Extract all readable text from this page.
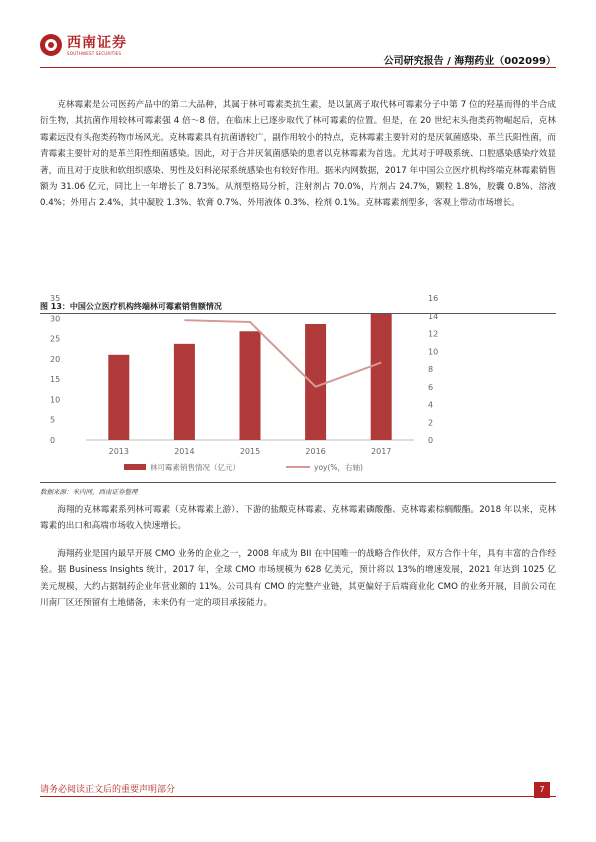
西南证券
SOUTHWEST SECURITIES
公司研究报告 / 海翔药业（002099）

克林霉素是公司医药产品中的第二大品种，其属于林可霉素类抗生素，是以氯离子取代林可霉素分子中第 7 位的羟基而得的半合成衍生物，其抗菌作用较林可霉素强 4 倍～8 倍，在临床上已逐步取代了林可霉素的位置。但是，在 20 世纪末头孢类药物崛起后，克林霉素远没有头孢类药物市场风光。克林霉素具有抗菌谱较广，副作用较小的特点，克林霉素主要针对的是厌氧菌感染、革兰氏阳性菌，而青霉素主要针对的是革兰阳性细菌感染。因此，对于合并厌氧菌感染的患者以克林霉素为首选。尤其对于呼吸系统、口腔感染感染疗效显著，而且对于皮肤和软组织感染、男性及妇科泌尿系统感染也有较好作用。据米内网数据，2017 年中国公立医疗机构终端克林霉素销售额为 31.06 亿元，同比上一年增长了 8.73%。从剂型格局分析，注射剂占 70.0%，片剂占 24.7%，颗粒 1.8%，胶囊 0.8%、溶液 0.4%；外用占 2.4%，其中凝胶 1.3%、软膏 0.7%、外用液体 0.3%、栓剂 0.1%。克林霉素剂型多，客观上带动市场增长。

图 13：中国公立医疗机构终端林可霉素销售额情况
0
5
10
15
20
25
30
35
0
2
4
6
8
10
12
14
16
2013	2014	2015	2016	2017
林可霉素销售情况（亿元）	yoy(%，右轴)
数据来源：米内网，西南证券整理

海翔的克林霉素系列林可霉素（克林霉素上游）、下游的盐酸克林霉素、克林霉素磷酸酯、克林霉素棕榈酸酯。2018 年以来，克林霉素的出口和高端市场收入快速增长。

海翔药业是国内最早开展 CMO 业务的企业之一，2008 年成为 BII 在中国唯一的战略合作伙伴，双方合作十年，具有丰富的合作经验。据 Business Insights 统计，2017 年，全球 CMO 市场规模为 628 亿美元，预计将以 13%的增速发展，2021 年达到 1025 亿美元规模，大约占据制药企业年营业额的 11%。公司具有 CMO 的完整产业链，其更偏好于后端商业化 CMO 的业务开展，目前公司在川南厂区还预留有土地储备，未来仍有一定的项目承接能力。

请务必阅读正文后的重要声明部分	7
